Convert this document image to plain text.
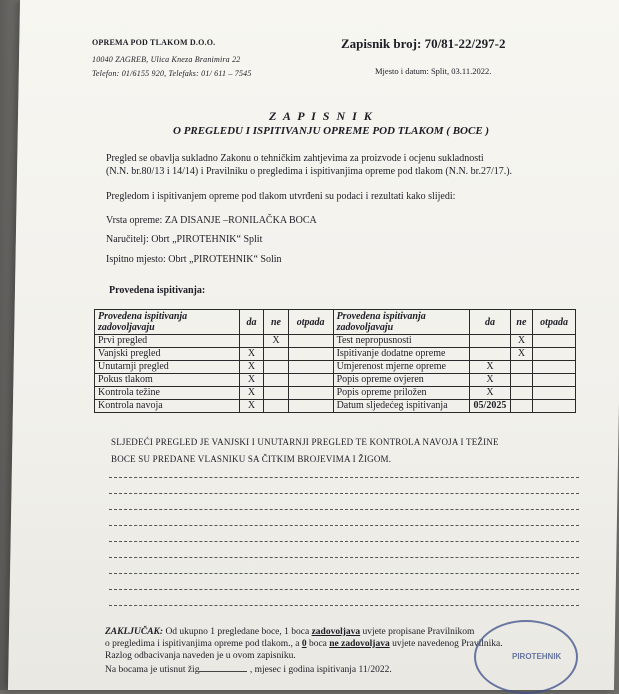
OPREMA POD TLAKOM D.O.O.
10040 ZAGREB, Ulica Kneza Branimira 22
Telefon: 01/6155 920, Telefaks: 01/ 611 – 7545
Zapisnik broj: 70/81-22/297-2
Mjesto i datum: Split, 03.11.2022.
Z A P I S N I K
O PREGLEDU I ISPITIVANJU OPREME POD TLAKOM ( BOCE )
Pregled se obavlja sukladno Zakonu o tehničkim zahtjevima za proizvode i ocjenu sukladnosti
(N.N. br.80/13 i 14/14) i Pravilniku o pregledima i ispitivanjima opreme pod tlakom (N.N. br.27/17.).
Pregledom i ispitivanjem opreme pod tlakom utvrđeni su podaci i rezultati kako slijedi:
Vrsta opreme: ZA DISANJE –RONILAČKA BOCA
Naručitelj: Obrt „PIROTEHNIK“ Split
Ispitno mjesto: Obrt „PIROTEHNIK“ Solin
Provedena ispitivanja:
Provedena ispitivanja zadovoljavaju	da	ne	otpada	Provedena ispitivanja zadovoljavaju	da	ne	otpada
Prvi pregled		X		Test nepropusnosti		X	
Vanjski pregled	X			Ispitivanje dodatne opreme		X	
Unutarnji pregled	X			Umjerenost mjerne opreme	X		
Pokus tlakom	X			Popis opreme ovjeren	X		
Kontrola težine	X			Popis opreme priložen	X		
Kontrola navoja	X			Datum sljedećeg ispitivanja	05/2025		
SLJEDEĆI PREGLED JE VANJSKI I UNUTARNJI PREGLED TE KONTROLA NAVOJA I TEŽINE
BOCE SU PREDANE VLASNIKU SA ČITKIM BROJEVIMA I ŽIGOM.
ZAKLJUČAK: Od ukupno 1 pregledane boce, 1 boca zadovoljava uvjete propisane Pravilnikom
o pregledima i ispitivanjima opreme pod tlakom., a 0 boca ne zadovoljava uvjete navedenog Pravilnika.
Razlog odbacivanja naveden je u ovom zapisniku.
Na bocama je utisnut žig	, mjesec i godina ispitivanja 11/2022.
PIROTEHNIK
